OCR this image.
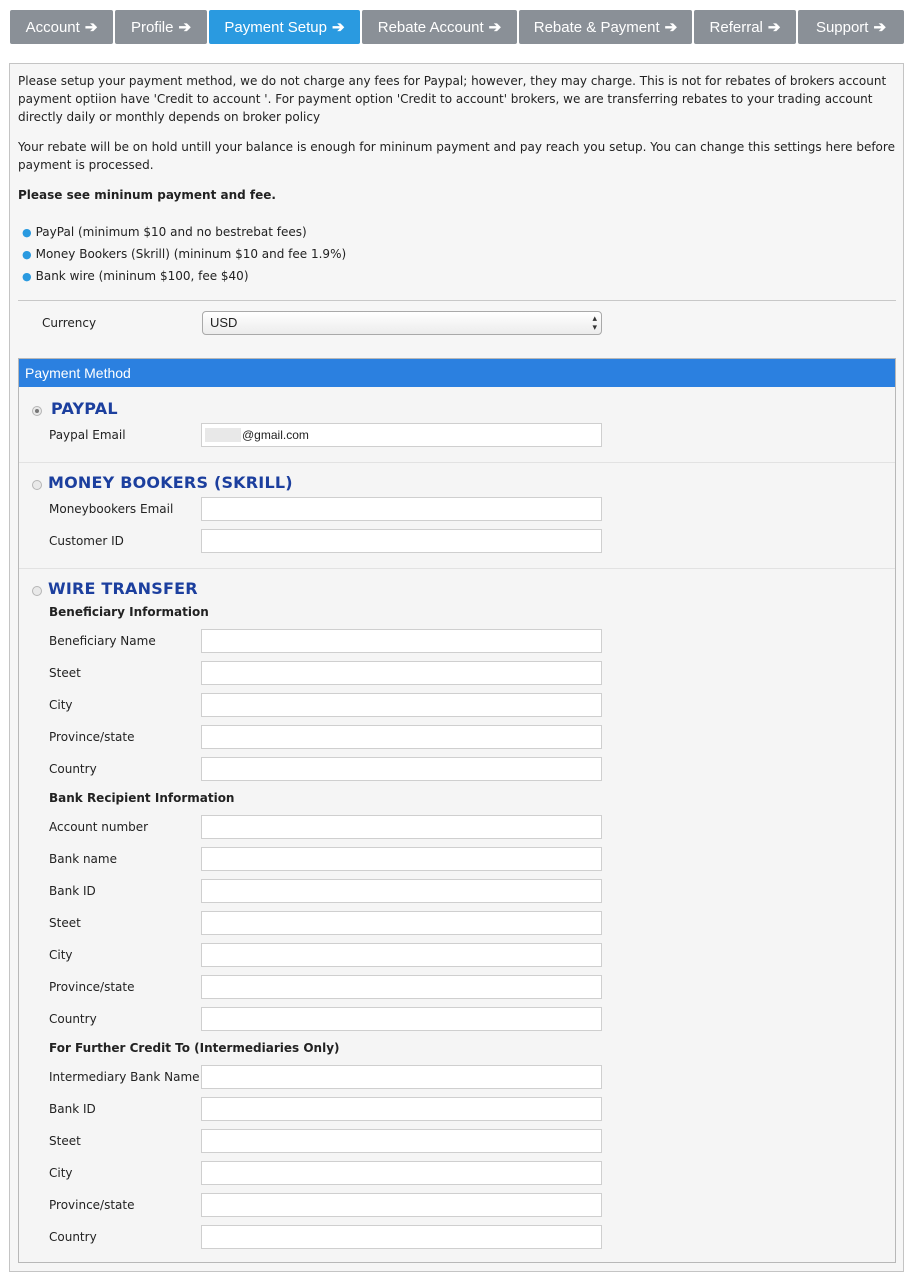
Account ➔ Profile ➔ Payment Setup ➔ Rebate Account ➔ Rebate & Payment ➔ Referral ➔ Support ➔

Please setup your payment method, we do not charge any fees for Paypal; however, they may charge. This is not for rebates of brokers account payment optiion have 'Credit to account '. For payment option 'Credit to account' brokers, we are transferring rebates to your trading account directly daily or monthly depends on broker policy

Your rebate will be on hold untill your balance is enough for mininum payment and pay reach you setup. You can change this settings here before payment is processed.

Please see mininum payment and fee.

● PayPal (minimum $10 and no bestrebat fees)
● Money Bookers (Skrill) (mininum $10 and fee 1.9%)
● Bank wire (mininum $100, fee $40)
Currency	USD	▴
▾
Payment Method
PAYPAL
Paypal Email	@gmail.com
MONEY BOOKERS (SKRILL)
Moneybookers Email
Customer ID
WIRE TRANSFER
Beneficiary Information
Beneficiary Name
Steet
City
Province/state
Country
Bank Recipient Information
Account number
Bank name
Bank ID
Steet
City
Province/state
Country
For Further Credit To (Intermediaries Only)
Intermediary Bank Name
Bank ID
Steet
City
Province/state
Country
